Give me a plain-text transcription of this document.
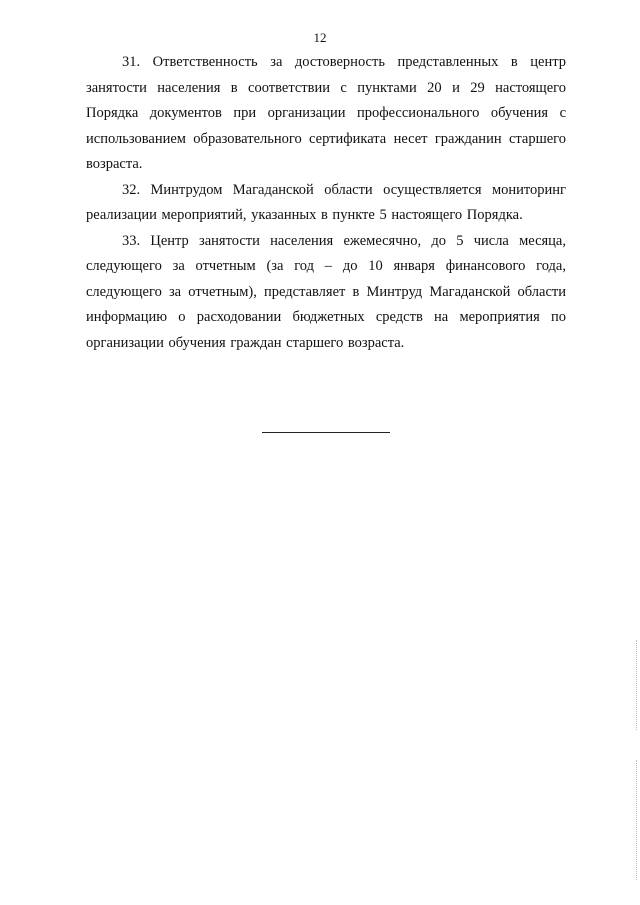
12

31. Ответственность за достоверность представленных в центр занятости населения в соответствии с пунктами 20 и 29 настоящего Порядка документов при организации профессионального обучения с использованием образовательного сертификата несет гражданин старшего возраста.

32. Минтрудом Магаданской области осуществляется мониторинг реализации мероприятий, указанных в пункте 5 настоящего Порядка.

33. Центр занятости населения ежемесячно, до 5 числа месяца, следующего за отчетным (за год – до 10 января финансового года, следующего за отчетным), представляет в Минтруд Магаданской области информацию о расходовании бюджетных средств на мероприятия по организации обучения граждан старшего возраста.
